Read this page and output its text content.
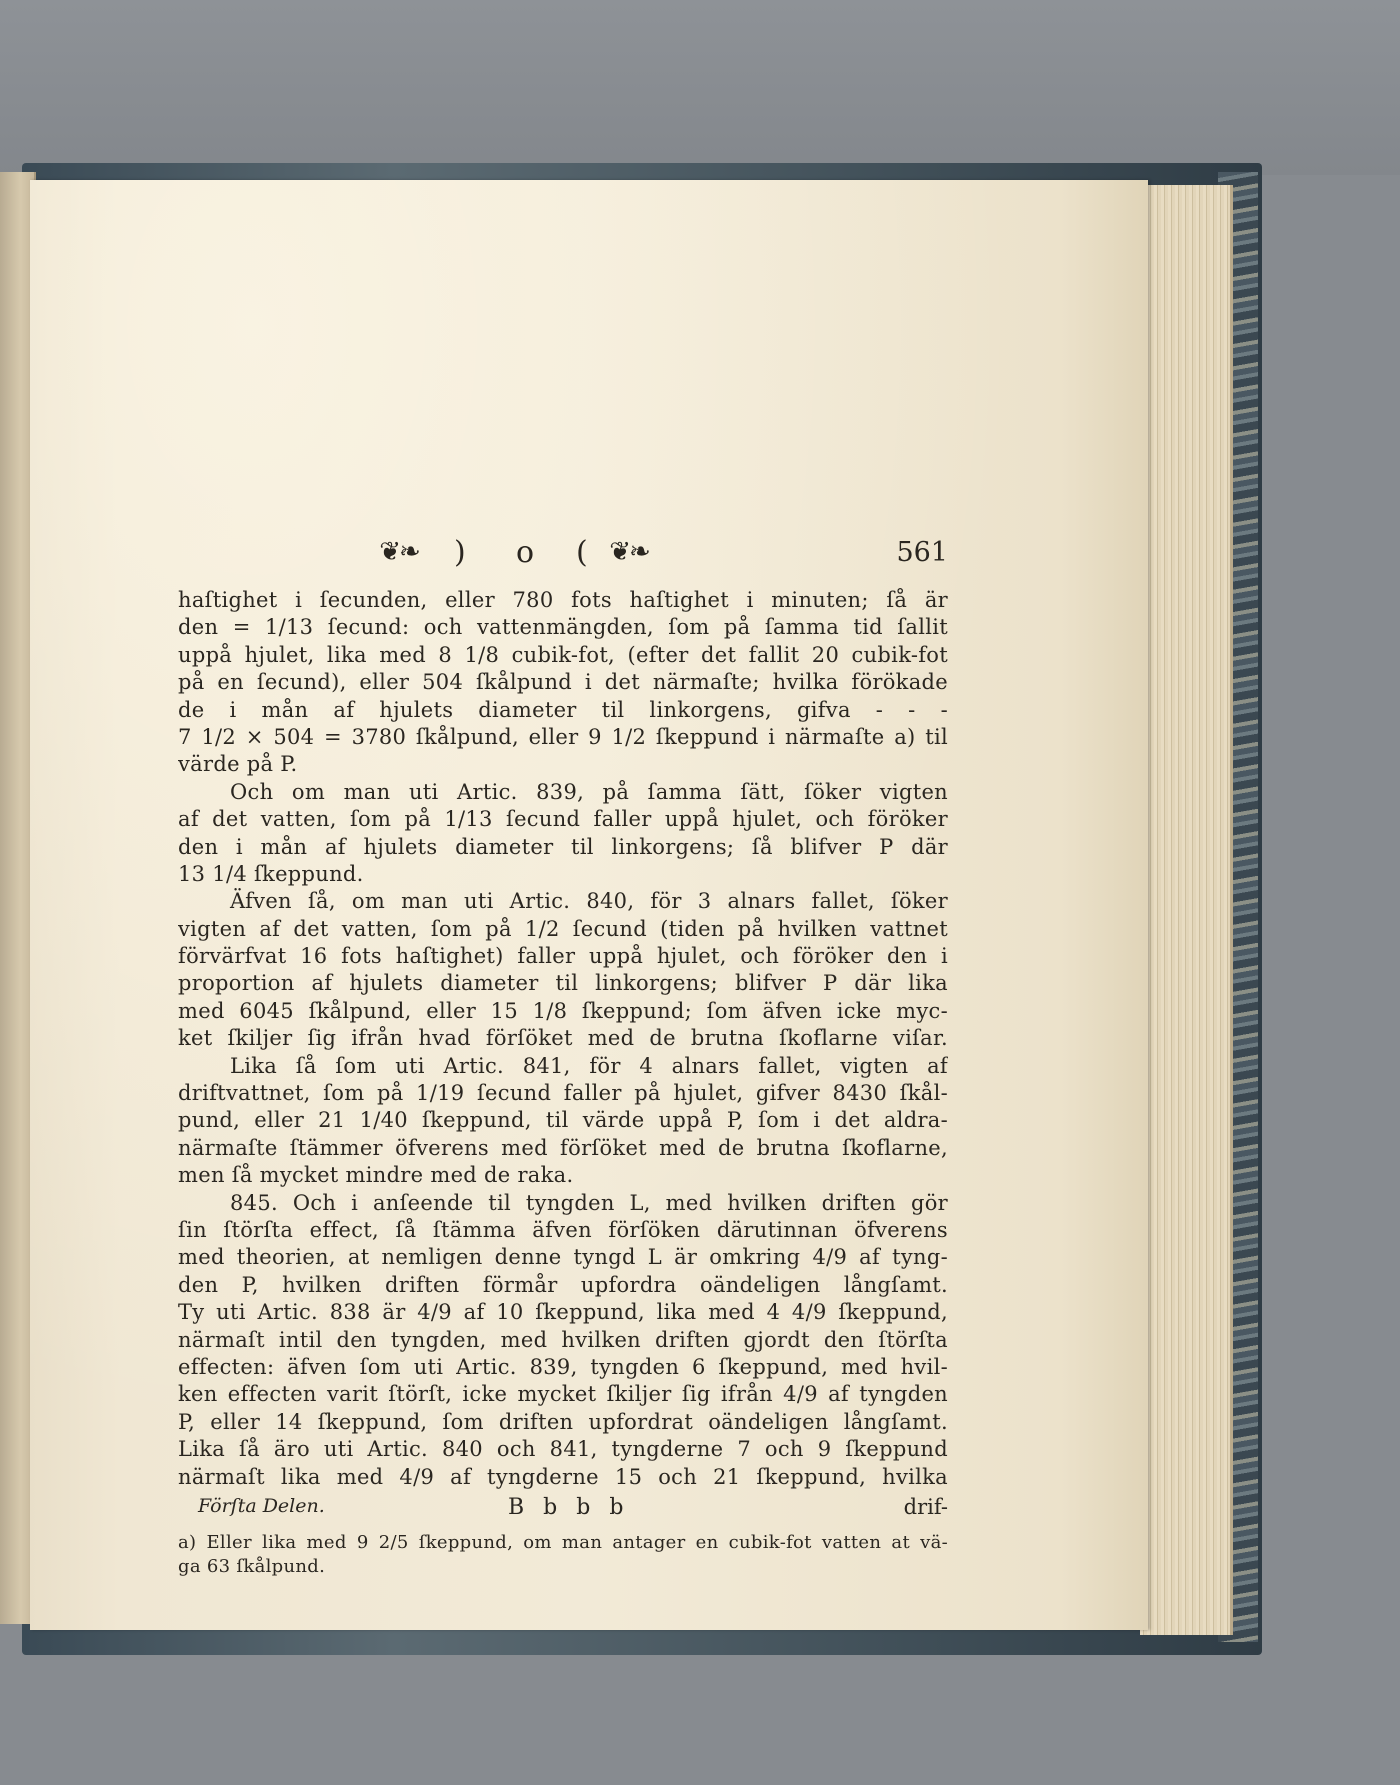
❦❧	) o ( ❦❧	561
haſtighet i ſecunden, eller 780 fots haſtighet i minuten; ſå är
den = 1/13 ſecund: och vattenmängden, ſom på ſamma tid ſallit
uppå hjulet, lika med 8 1/8 cubik-fot, (efter det fallit 20 cubik-fot
på en ſecund), eller 504 ſkålpund i det närmaſte; hvilka förökade
de i mån af hjulets diameter til linkorgens, gifva - - -
7 1/2 × 504 = 3780 ſkålpund, eller 9 1/2 ſkeppund i närmaſte a) til
värde på P.
Och om man uti Artic. 839, på ſamma ſätt, ſöker vigten
af det vatten, ſom på 1/13 ſecund faller uppå hjulet, och föröker
den i mån af hjulets diameter til linkorgens; ſå blifver P där
13 1/4 ſkeppund.
Äfven ſå, om man uti Artic. 840, för 3 alnars fallet, ſöker
vigten af det vatten, ſom på 1/2 ſecund (tiden på hvilken vattnet
förvärfvat 16 fots haſtighet) faller uppå hjulet, och föröker den i
proportion af hjulets diameter til linkorgens; blifver P där lika
med 6045 ſkålpund, eller 15 1/8 ſkeppund; ſom äfven icke myc-
ket ſkiljer ſig ifrån hvad förſöket med de brutna ſkoflarne viſar.
Lika ſå ſom uti Artic. 841, för 4 alnars fallet, vigten af
driftvattnet, ſom på 1/19 ſecund faller på hjulet, gifver 8430 ſkål-
pund, eller 21 1/40 ſkeppund, til värde uppå P, ſom i det aldra-
närmaſte ſtämmer öfverens med förſöket med de brutna ſkoflarne,
men ſå mycket mindre med de raka.
845. Och i anſeende til tyngden L, med hvilken driften gör
ſin ſtörſta effect, ſå ſtämma äfven förſöken därutinnan öfverens
med theorien, at nemligen denne tyngd L är omkring 4/9 af tyng-
den P, hvilken driften förmår upfordra oändeligen långſamt.
Ty uti Artic. 838 är 4/9 af 10 ſkeppund, lika med 4 4/9 ſkeppund,
närmaſt intil den tyngden, med hvilken driften gjordt den ſtörſta
effecten: äfven ſom uti Artic. 839, tyngden 6 ſkeppund, med hvil-
ken effecten varit ſtörſt, icke mycket ſkiljer ſig ifrån 4/9 af tyngden
P, eller 14 ſkeppund, ſom driften upfordrat oändeligen långſamt.
Lika ſå äro uti Artic. 840 och 841, tyngderne 7 och 9 ſkeppund
närmaſt lika med 4/9 af tyngderne 15 och 21 ſkeppund, hvilka
Förſta Delen.	B b b b	drif-
a) Eller lika med 9 2/5 ſkeppund, om man antager en cubik-fot vatten at vä-
ga 63 ſkålpund.
